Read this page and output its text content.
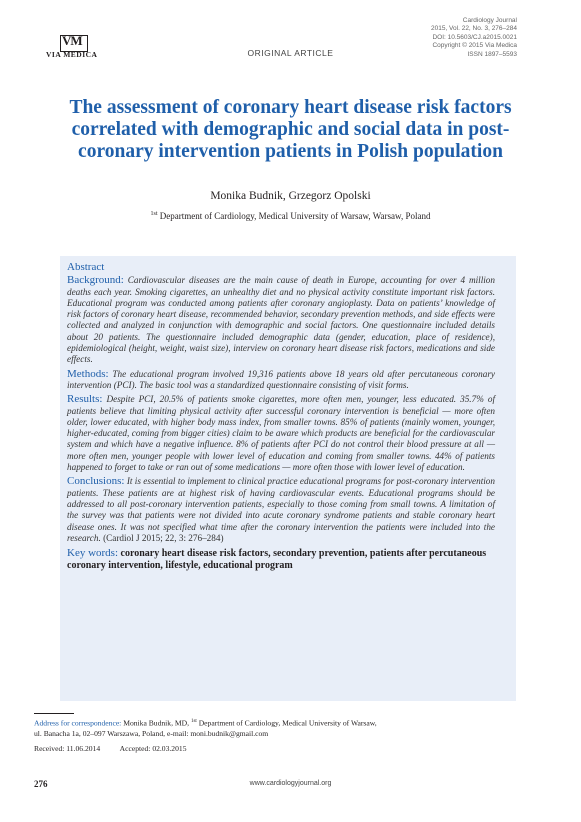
VM
VIA MEDICA	ORIGINAL ARTICLE
Cardiology Journal
2015, Vol. 22, No. 3, 276–284
DOI: 10.5603/CJ.a2015.0021
Copyright © 2015 Via Medica
ISSN 1897–5593
The assessment of coronary heart disease risk factors correlated with demographic and social data in post-coronary intervention patients in Polish population
Monika Budnik, Grzegorz Opolski
$^{1st}$ Department of Cardiology, Medical University of Warsaw, Warsaw, Poland
Abstract
Background: Cardiovascular diseases are the main cause of death in Europe, accounting for over 4 million deaths each year. Smoking cigarettes, an unhealthy diet and no physical activity constitute important risk factors. Educational program was conducted among patients after coronary angioplasty. Data on patients’ knowledge of risk factors of coronary heart disease, recommended behavior, secondary prevention methods, and side effects were collected and analyzed in conjunction with demographic and social factors. One questionnaire included details about 20 patients. The questionnaire included demographic data (gender, education, place of residence), epidemiological (height, weight, waist size), interview on coronary heart disease risk factors, medications and side effects.
Methods: The educational program involved 19,316 patients above 18 years old after percutaneous coronary intervention (PCI). The basic tool was a standardized questionnaire consisting of visit forms.
Results: Despite PCI, 20.5% of patients smoke cigarettes, more often men, younger, less educated. 35.7% of patients believe that limiting physical activity after successful coronary intervention is beneficial — more often older, lower educated, with higher body mass index, from smaller towns. 85% of patients (mainly women, younger, higher-educated, coming from bigger cities) claim to be aware which products are beneficial for the cardiovascular system and which have a negative influence. 8% of patients after PCI do not control their blood pressure at all — more often men, younger people with lower level of education and coming from smaller towns. 44% of patients happened to forget to take or ran out of some medications — more often those with lower level of education.
Conclusions: It is essential to implement to clinical practice educational programs for post-coronary intervention patients. These patients are at highest risk of having cardiovascular events. Educational programs should be addressed to all post-coronary intervention patients, especially to those coming from small towns. A limitation of the survey was that patients were not divided into acute coronary syndrome patients and stable coronary heart disease ones. It was not specified what time after the coronary intervention the patients were included into the research. (Cardiol J 2015; 22, 3: 276–284)
Key words: coronary heart disease risk factors, secondary prevention, patients after percutaneous coronary intervention, lifestyle, educational program
Address for correspondence: Monika Budnik, MD, $^{1st}$ Department of Cardiology, Medical University of Warsaw,
ul. Banacha 1a, 02–097 Warszawa, Poland, e-mail: moni.budnik@gmail.com
Received: 11.06.2014	Accepted: 02.03.2015
276	www.cardiologyjournal.org
